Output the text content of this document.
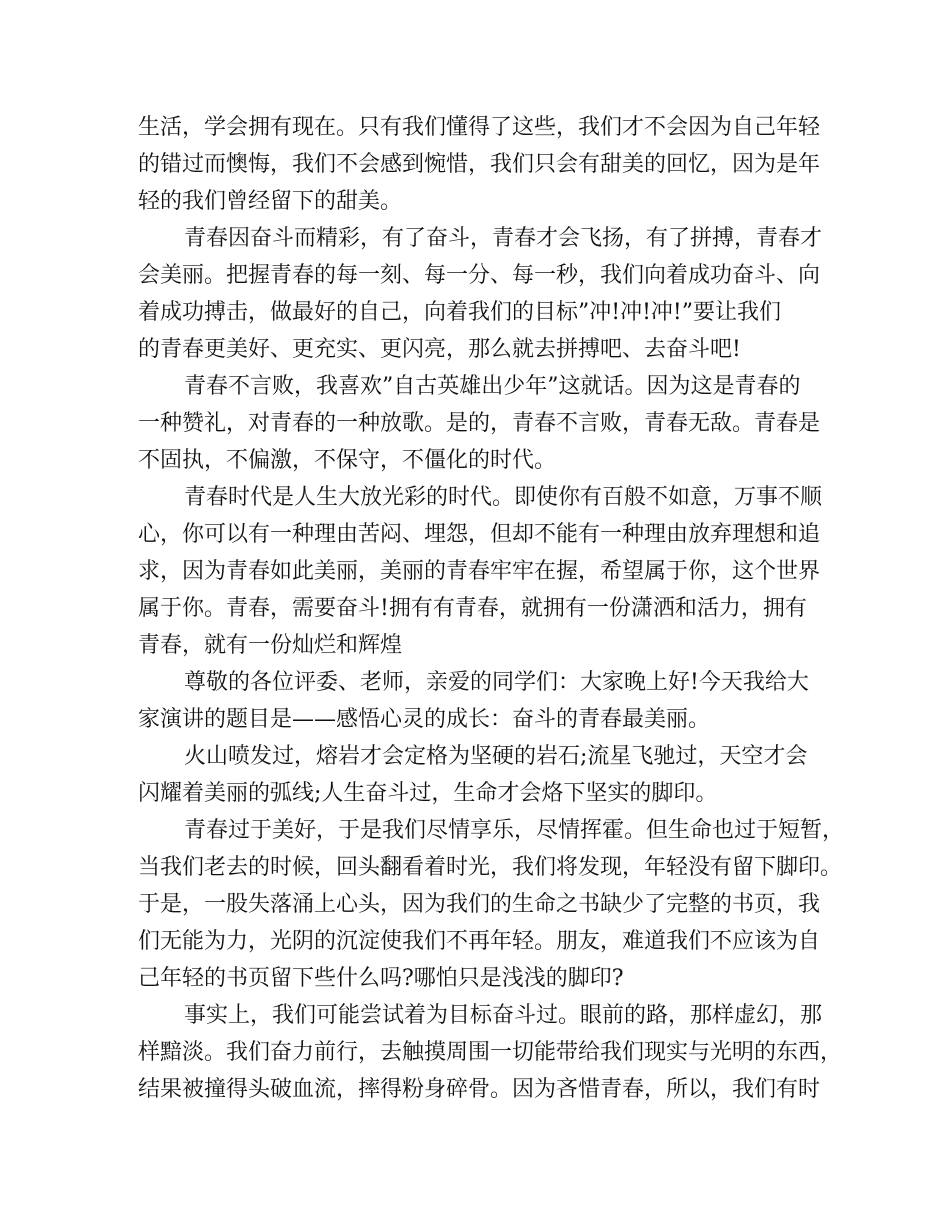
生活，学会拥有现在。只有我们懂得了这些，我们才不会因为自己年轻
的错过而懊悔，我们不会感到惋惜，我们只会有甜美的回忆，因为是年
轻的我们曾经留下的甜美。
青春因奋斗而精彩，有了奋斗，青春才会飞扬，有了拼搏，青春才
会美丽。把握青春的每一刻、每一分、每一秒，我们向着成功奋斗、向
着成功搏击，做最好的自己，向着我们的目标”冲!冲!冲!”要让我们
的青春更美好、更充实、更闪亮，那么就去拼搏吧、去奋斗吧!
青春不言败，我喜欢”自古英雄出少年”这就话。因为这是青春的
一种赞礼，对青春的一种放歌。是的，青春不言败，青春无敌。青春是
不固执，不偏激，不保守，不僵化的时代。
青春时代是人生大放光彩的时代。即使你有百般不如意，万事不顺
心，你可以有一种理由苦闷、埋怨，但却不能有一种理由放弃理想和追
求，因为青春如此美丽，美丽的青春牢牢在握，希望属于你，这个世界
属于你。青春，需要奋斗!拥有有青春，就拥有一份潇洒和活力，拥有
青春，就有一份灿烂和辉煌
尊敬的各位评委、老师，亲爱的同学们：大家晚上好!今天我给大
家演讲的题目是——感悟心灵的成长：奋斗的青春最美丽。
火山喷发过，熔岩才会定格为坚硬的岩石;流星飞驰过，天空才会
闪耀着美丽的弧线;人生奋斗过，生命才会烙下坚实的脚印。
青春过于美好，于是我们尽情享乐，尽情挥霍。但生命也过于短暂，
当我们老去的时候，回头翻看着时光，我们将发现，年轻没有留下脚印。
于是，一股失落涌上心头，因为我们的生命之书缺少了完整的书页，我
们无能为力，光阴的沉淀使我们不再年轻。朋友，难道我们不应该为自
己年轻的书页留下些什么吗?哪怕只是浅浅的脚印?
事实上，我们可能尝试着为目标奋斗过。眼前的路，那样虚幻，那
样黯淡。我们奋力前行，去触摸周围一切能带给我们现实与光明的东西，
结果被撞得头破血流，摔得粉身碎骨。因为吝惜青春，所以，我们有时
